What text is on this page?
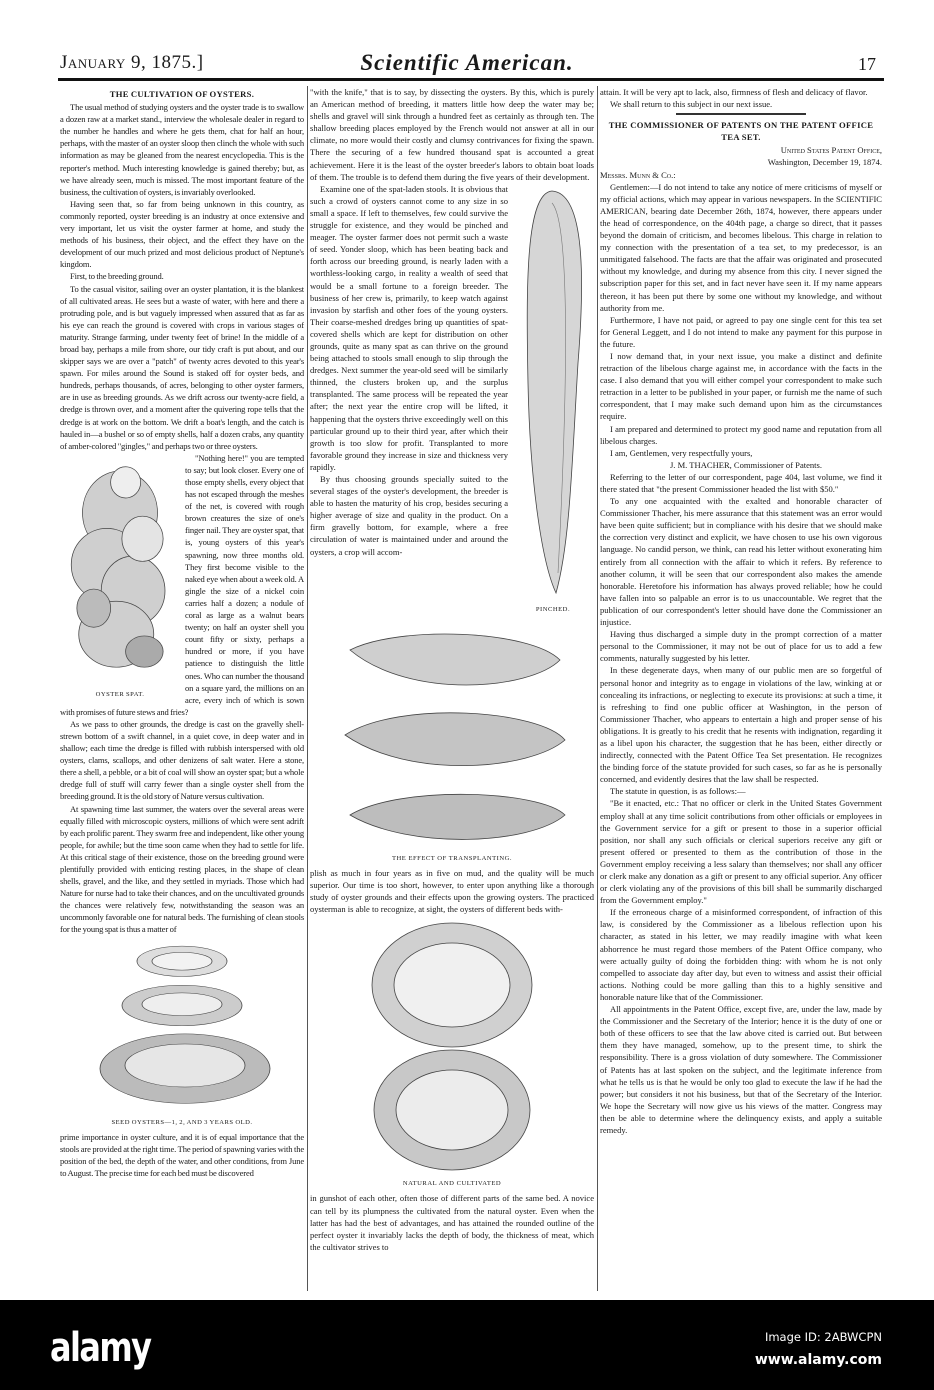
January 9, 1875.]	Scientific American.	17
THE CULTIVATION OF OYSTERS.

The usual method of studying oysters and the oyster trade is to swallow a dozen raw at a market stand., interview the wholesale dealer in regard to the number he handles and where he gets them, chat for half an hour, perhaps, with the master of an oyster sloop then clinch the whole with such information as may be gleaned from the nearest encyclopedia. This is the reporter's method. Much interesting knowledge is gained thereby; but, as we have already seen, much is missed. The most important feature of the business, the cultivation of oysters, is invariably overlooked.

Having seen that, so far from being unknown in this country, as commonly reported, oyster breeding is an industry at once extensive and very important, let us visit the oyster farmer at home, and study the methods of his business, their object, and the effect they have on the development of our much prized and most delicious product of Neptune's kingdom.

First, to the breeding ground.

To the casual visitor, sailing over an oyster plantation, it is the blankest of all cultivated areas. He sees but a waste of water, with here and there a protruding pole, and is but vaguely impressed when assured that as far as his eye can reach the ground is covered with crops in various stages of maturity. Strange farming, under twenty feet of brine! In the middle of a broad bay, perhaps a mile from shore, our tidy craft is put about, and our skipper says we are over a "patch" of twenty acres devoted to this year's spawn. For miles around the Sound is staked off for oyster beds, and hundreds, perhaps thousands, of acres, belonging to other oyster farmers, are in use as breeding grounds. As we drift across our twenty-acre field, a dredge is thrown over, and a moment after the quivering rope tells that the dredge is at work on the bottom. We drift a boat's length, and the catch is hauled in—a bushel or so of empty shells, half a dozen crabs, any quantity of amber-colored "gingles," and perhaps two or three oysters.

OYSTER SPAT.

"Nothing here!" you are tempted to say; but look closer. Every one of those empty shells, every object that has not escaped through the meshes of the net, is covered with rough brown creatures the size of one's finger nail. They are oyster spat, that is, young oysters of this year's spawning, now three months old. They first become visible to the naked eye when about a week old. A gingle the size of a nickel coin carries half a dozen; a nodule of coral as large as a walnut bears twenty; on half an oyster shell you count fifty or sixty, perhaps a hundred or more, if you have patience to distinguish the little ones. Who can number the thousand on a square yard, the millions on an acre, every inch of which is sown with promises of future stews and fries?

As we pass to other grounds, the dredge is cast on the gravelly shell-strewn bottom of a swift channel, in a quiet cove, in deep water and in shallow; each time the dredge is filled with rubbish interspersed with old oysters, clams, scallops, and other denizens of salt water. Here a stone, there a shell, a pebble, or a bit of coal will show an oyster spat; but a whole dredge full of stuff will carry fewer than a single oyster shell from the breeding ground. It is the old story of Nature versus cultivation.

At spawning time last summer, the waters over the several areas were equally filled with microscopic oysters, millions of which were sent adrift by each prolific parent. They swarm free and independent, like other young people, for awhile; but the time soon came when they had to settle for life. At this critical stage of their existence, those on the breeding ground were plentifully provided with enticing resting places, in the shape of clean shells, gravel, and the like, and they settled in myriads. Those which had Nature for nurse had to take their chances, and on the uncultivated grounds the chances were relatively few, notwithstanding the season was an uncommonly favorable one for natural beds. The furnishing of clean stools for the young spat is thus a matter of

SEED OYSTERS—1, 2, AND 3 YEARS OLD.

prime importance in oyster culture, and it is of equal importance that the stools are provided at the right time. The period of spawning varies with the position of the bed, the depth of the water, and other conditions, from June to August. The precise time for each bed must be discovered

"with the knife," that is to say, by dissecting the oysters. By this, which is purely an American method of breeding, it matters little how deep the water may be; shells and gravel will sink through a hundred feet as certainly as through ten. The shallow breeding places employed by the French would not answer at all in our climate, no more would their costly and clumsy contrivances for fixing the spawn. There the securing of a few hundred thousand spat is accounted a great achievement. Here it is the least of the oyster breeder's labors to obtain boat loads of them. The trouble is to defend them during the five years of their development.

PINCHED.

Examine one of the spat-laden stools. It is obvious that such a crowd of oysters cannot come to any size in so small a space. If left to themselves, few could survive the struggle for existence, and they would be pinched and meager. The oyster farmer does not permit such a waste of seed. Yonder sloop, which has been beating back and forth across our breeding ground, is nearly laden with a worthless-looking cargo, in reality a wealth of seed that would be a small fortune to a foreign breeder. The business of her crew is, primarily, to keep watch against invasion by starfish and other foes of the young oysters. Their coarse-meshed dredges bring up quantities of spat-covered shells which are kept for distribution on other grounds, quite as many spat as can thrive on the ground being attached to stools small enough to slip through the dredges. Next summer the year-old seed will be similarly thinned, the clusters broken up, and the surplus transplanted. The same process will be repeated the year after; the next year the entire crop will be lifted, it happening that the oysters thrive exceedingly well on this particular ground up to their third year, after which their growth is too slow for profit. Transplanted to more favorable ground they increase in size and thickness very rapidly.

By thus choosing grounds specially suited to the several stages of the oyster's development, the breeder is able to hasten the maturity of his crop, besides securing a higher average of size and quality in the product. On a firm gravelly bottom, for example, where a free circulation of water is maintained under and around the oysters, a crop will accom-

THE EFFECT OF TRANSPLANTING.

plish as much in four years as in five on mud, and the quality will be much superior. Our time is too short, however, to enter upon anything like a thorough study of oyster grounds and their effects upon the growing oysters. The practiced oysterman is able to recognize, at sight, the oysters of different beds with-

NATURAL AND CULTIVATED

in gunshot of each other, often those of different parts of the same bed. A novice can tell by its plumpness the cultivated from the natural oyster. Even when the latter has had the best of advantages, and has attained the rounded outline of the perfect oyster it invariably lacks the depth of body, the thickness of meat, which the cultivator strives to

attain. It will be very apt to lack, also, firmness of flesh and delicacy of flavor.

We shall return to this subject in our next issue.

THE COMMISSIONER OF PATENTS ON THE PATENT OFFICE TEA SET.

United States Patent Office,

Washington, December 19, 1874.

Messrs. Munn & Co.:

Gentlemen:—I do not intend to take any notice of mere criticisms of myself or my official actions, which may appear in various newspapers. In the SCIENTIFIC AMERICAN, bearing date December 26th, 1874, however, there appears under the head of correspondence, on the 404th page, a charge so direct, that it passes beyond the domain of criticism, and becomes libelous. This charge in relation to my connection with the presentation of a tea set, to my predecessor, is an unmitigated falsehood. The facts are that the affair was originated and prosecuted without my knowledge, and during my absence from this city. I never signed the subscription paper for this set, and in fact never have seen it. If my name appears thereon, it has been put there by some one without my knowledge, and without authority from me.

Furthermore, I have not paid, or agreed to pay one single cent for this tea set for General Leggett, and I do not intend to make any payment for this purpose in the future.

I now demand that, in your next issue, you make a distinct and definite retraction of the libelous charge against me, in accordance with the facts in the case. I also demand that you will either compel your correspondent to make such retraction in a letter to be published in your paper, or furnish me the name of such correspondent, that I may make such demand upon him as the circumstances require.

I am prepared and determined to protect my good name and reputation from all libelous charges.

I am, Gentlemen, very respectfully yours,

J. M. THACHER, Commissioner of Patents.

Referring to the letter of our correspondent, page 404, last volume, we find it there stated that "the present Commissioner headed the list with $50."

To any one acquainted with the exalted and honorable character of Commissioner Thacher, his mere assurance that this statement was an error would have been quite sufficient; but in compliance with his desire that we should make the correction very distinct and explicit, we have chosen to use his own vigorous language. No candid person, we think, can read his letter without exonerating him entirely from all connection with the affair to which it refers. By reference to another column, it will be seen that our correspondent also makes the amende honorable. Heretofore his information has always proved reliable; how he could have fallen into so palpable an error is to us unaccountable. We regret that the publication of our correspondent's letter should have done the Commissioner an injustice.

Having thus discharged a simple duty in the prompt correction of a matter personal to the Commissioner, it may not be out of place for us to add a few comments, naturally suggested by his letter.

In these degenerate days, when many of our public men are so forgetful of personal honor and integrity as to engage in violations of the law, winking at or concealing its infractions, or neglecting to execute its provisions: at such a time, it is refreshing to find one public officer at Washington, in the person of Commissioner Thacher, who appears to entertain a high and proper sense of his obligations. It is greatly to his credit that he resents with indignation, regarding it as a libel upon his character, the suggestion that he has been, either directly or indirectly, connected with the Patent Office Tea Set presentation. He recognizes the binding force of the statute provided for such cases, so far as he is personally concerned, and evidently desires that the law shall be respected.

The statute in question, is as follows:—

"Be it enacted, etc.: That no officer or clerk in the United States Government employ shall at any time solicit contributions from other officials or employees in the Government service for a gift or present to those in a superior official position, nor shall any such officials or clerical superiors receive any gift or present offered or presented to them as the contribution of those in the Government employ receiving a less salary than themselves; nor shall any officer or clerk make any donation as a gift or present to any official superior. Any officer or clerk violating any of the provisions of this bill shall be summarily discharged from the Government employ."

If the erroneous charge of a misinformed correspondent, of infraction of this law, is considered by the Commissioner as a libelous reflection upon his character, as stated in his letter, we may readily imagine with what keen abhorrence he must regard those members of the Patent Office company, who were actually guilty of doing the forbidden thing: with whom he is not only compelled to associate day after day, but even to witness and assist their official actions. Nothing could be more galling than this to a highly sensitive and honorable nature like that of the Commissioner.

All appointments in the Patent Office, except five, are, under the law, made by the Commissioner and the Secretary of the Interior; hence it is the duty of one or both of these officers to see that the law above cited is carried out. But between them they have managed, somehow, up to the present time, to shirk the responsibility. There is a gross violation of duty somewhere. The Commissioner of Patents has at last spoken on the subject, and the legitimate inference from what he tells us is that he would be only too glad to execute the law if he had the power; but considers it not his business, but that of the Secretary of the Interior. We hope the Secretary will now give us his views of the matter. Congress may then be able to determine where the delinquency exists, and apply a suitable remedy.

alamy	Image ID: 2ABWCPN
www.alamy.com
